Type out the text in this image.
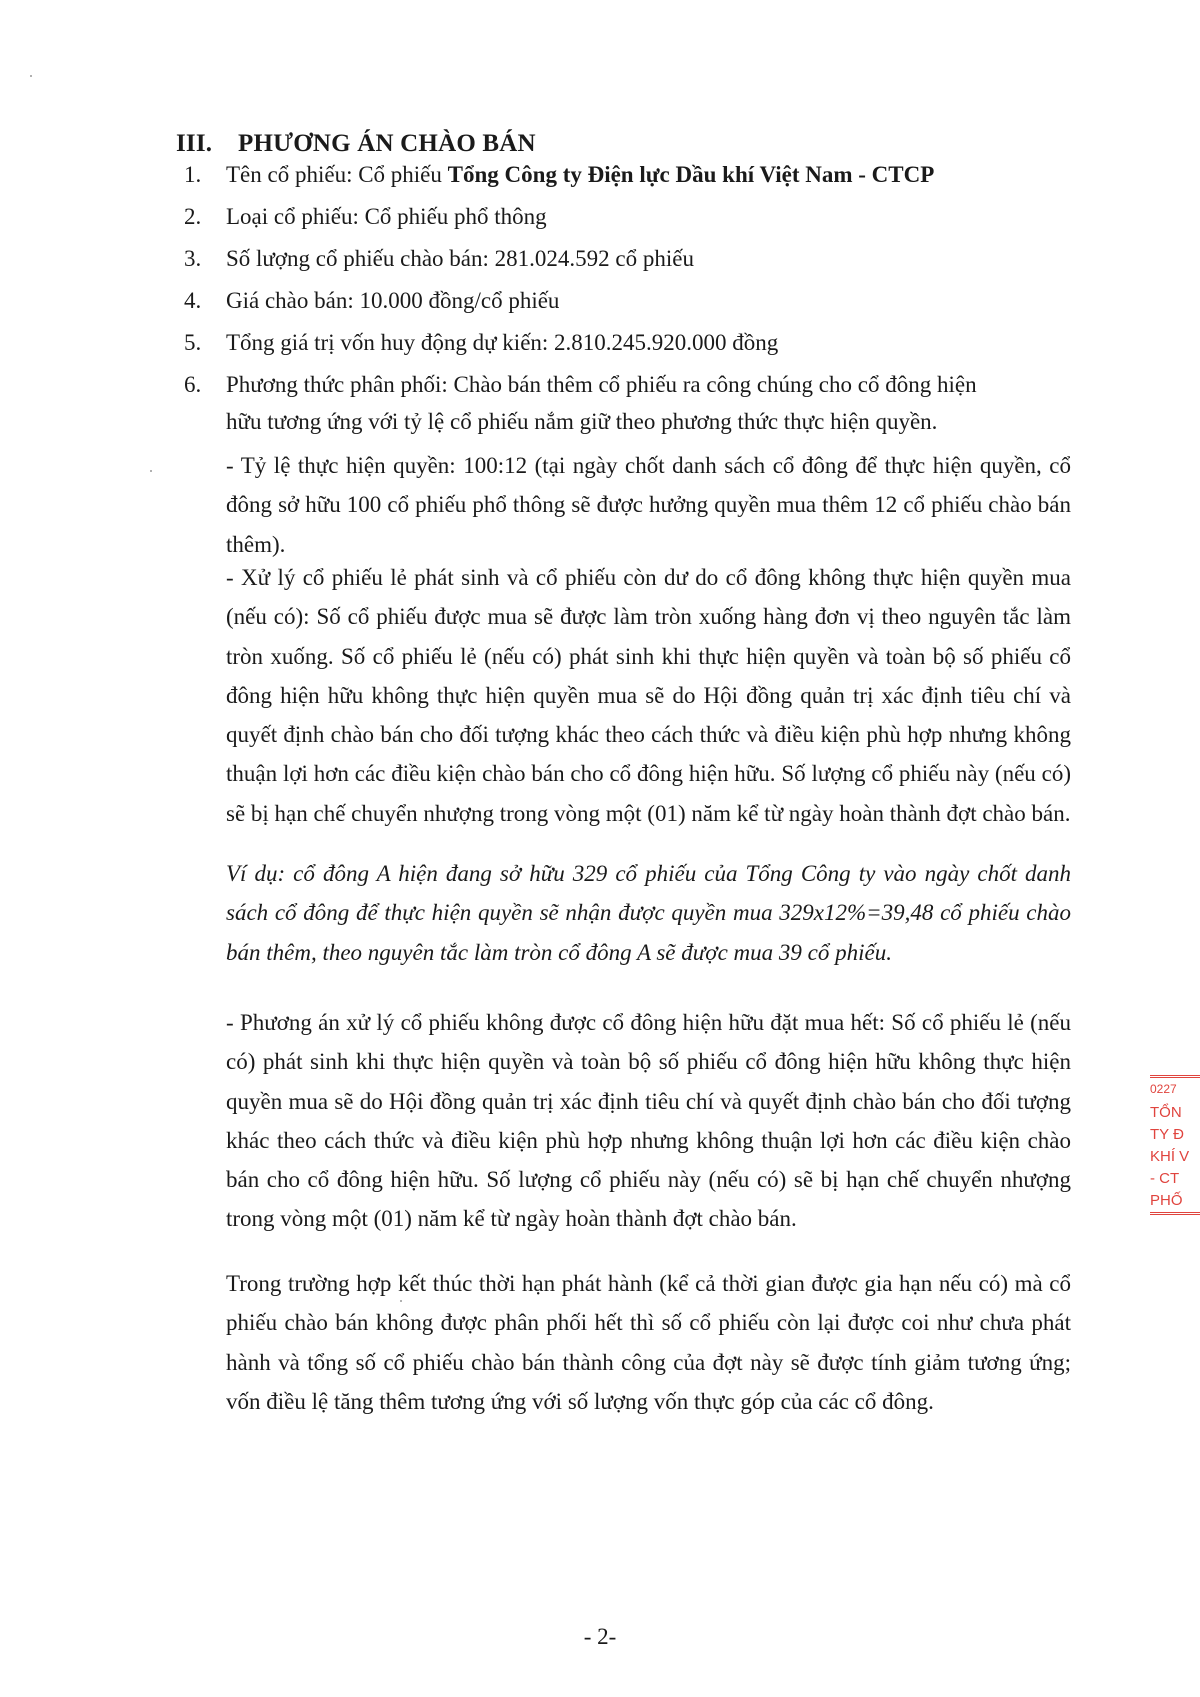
III. PHƯƠNG ÁN CHÀO BÁN
1. Tên cổ phiếu: Cổ phiếu Tổng Công ty Điện lực Dầu khí Việt Nam - CTCP
2. Loại cổ phiếu: Cổ phiếu phổ thông
3. Số lượng cổ phiếu chào bán: 281.024.592 cổ phiếu
4. Giá chào bán: 10.000 đồng/cổ phiếu
5. Tổng giá trị vốn huy động dự kiến: 2.810.245.920.000 đồng
6. Phương thức phân phối: Chào bán thêm cổ phiếu ra công chúng cho cổ đông hiện
hữu tương ứng với tỷ lệ cổ phiếu nắm giữ theo phương thức thực hiện quyền.
- Tỷ lệ thực hiện quyền: 100:12 (tại ngày chốt danh sách cổ đông để thực hiện quyền, cổ đông sở hữu 100 cổ phiếu phổ thông sẽ được hưởng quyền mua thêm 12 cổ phiếu chào bán thêm).
- Xử lý cổ phiếu lẻ phát sinh và cổ phiếu còn dư do cổ đông không thực hiện quyền mua (nếu có): Số cổ phiếu được mua sẽ được làm tròn xuống hàng đơn vị theo nguyên tắc làm tròn xuống. Số cổ phiếu lẻ (nếu có) phát sinh khi thực hiện quyền và toàn bộ số phiếu cổ đông hiện hữu không thực hiện quyền mua sẽ do Hội đồng quản trị xác định tiêu chí và quyết định chào bán cho đối tượng khác theo cách thức và điều kiện phù hợp nhưng không thuận lợi hơn các điều kiện chào bán cho cổ đông hiện hữu. Số lượng cổ phiếu này (nếu có) sẽ bị hạn chế chuyển nhượng trong vòng một (01) năm kể từ ngày hoàn thành đợt chào bán.
Ví dụ: cổ đông A hiện đang sở hữu 329 cổ phiếu của Tổng Công ty vào ngày chốt danh sách cổ đông để thực hiện quyền sẽ nhận được quyền mua 329x12%=39,48 cổ phiếu chào bán thêm, theo nguyên tắc làm tròn cổ đông A sẽ được mua 39 cổ phiếu.
- Phương án xử lý cổ phiếu không được cổ đông hiện hữu đặt mua hết: Số cổ phiếu lẻ (nếu có) phát sinh khi thực hiện quyền và toàn bộ số phiếu cổ đông hiện hữu không thực hiện quyền mua sẽ do Hội đồng quản trị xác định tiêu chí và quyết định chào bán cho đối tượng khác theo cách thức và điều kiện phù hợp nhưng không thuận lợi hơn các điều kiện chào bán cho cổ đông hiện hữu. Số lượng cổ phiếu này (nếu có) sẽ bị hạn chế chuyển nhượng trong vòng một (01) năm kể từ ngày hoàn thành đợt chào bán.
Trong trường hợp kết thúc thời hạn phát hành (kể cả thời gian được gia hạn nếu có) mà cổ phiếu chào bán không được phân phối hết thì số cổ phiếu còn lại được coi như chưa phát hành và tổng số cổ phiếu chào bán thành công của đợt này sẽ được tính giảm tương ứng; vốn điều lệ tăng thêm tương ứng với số lượng vốn thực góp của các cổ đông.
0227
TỔN
TY Đ
KHÍ V
- CT
PHỐ
- 2-
